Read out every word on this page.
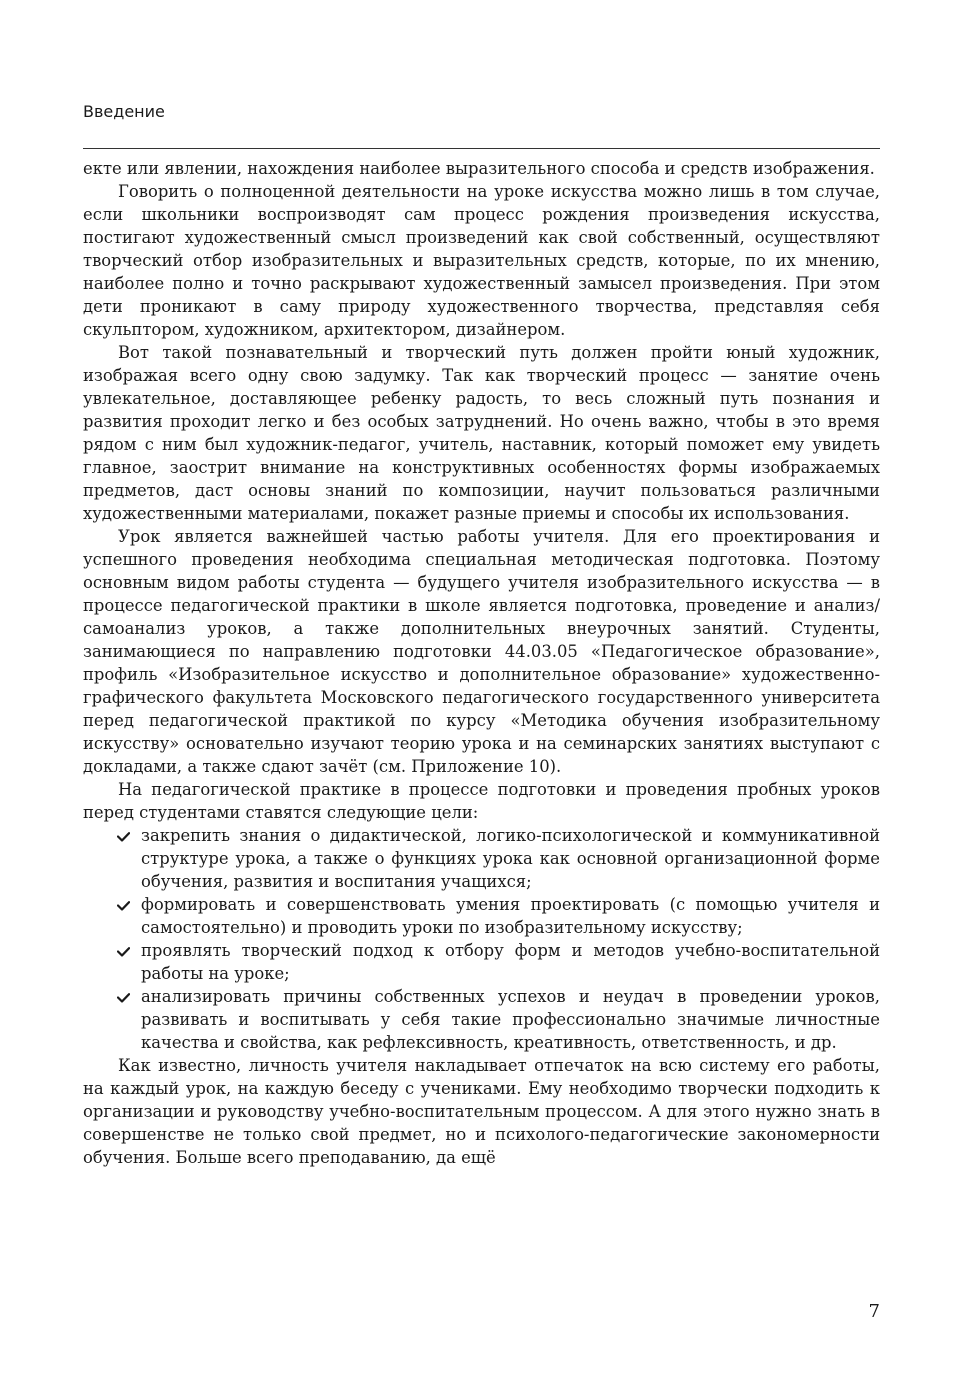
Введение

екте или явлении, нахождения наиболее выразительного способа и средств изображения.

Говорить о полноценной деятельности на уроке искусства можно лишь в том случае, если школьники воспроизводят сам процесс рождения произведения искусства, постигают художественный смысл произведений как свой собственный, осуществляют творческий отбор изобразительных и выразительных средств, которые, по их мнению, наиболее полно и точно раскрывают художественный замысел произведения. При этом дети проникают в саму природу художественного творчества, представляя себя скульптором, художником, архитектором, дизайнером.

Вот такой познавательный и творческий путь должен пройти юный художник, изображая всего одну свою задумку. Так как творческий процесс — занятие очень увлекательное, доставляющее ребенку радость, то весь сложный путь познания и развития проходит легко и без особых затруднений. Но очень важно, чтобы в это время рядом с ним был художник-педагог, учитель, наставник, который поможет ему увидеть главное, заострит внимание на конструктивных особенностях формы изображаемых предметов, даст основы знаний по композиции, научит пользоваться различными художественными материалами, покажет разные приемы и способы их использования.

Урок является важнейшей частью работы учителя. Для его проектирования и успешного проведения необходима специальная методическая подготовка. Поэтому основным видом работы студента — будущего учителя изобразительного искусства — в процессе педагогической практики в школе является подготовка, проведение и анализ/самоанализ уроков, а также дополнительных внеурочных занятий. Студенты, занимающиеся по направлению подготовки 44.03.05 «Педагогическое образование», профиль «Изобразительное искусство и дополнительное образование» художественно-графического факультета Московского педагогического государственного университета перед педагогической практикой по курсу «Методика обучения изобразительному искусству» основательно изучают теорию урока и на семинарских занятиях выступают с докладами, а также сдают зачёт (см. Приложение 10).

На педагогической практике в процессе подготовки и проведения пробных уроков перед студентами ставятся следующие цели:

закрепить знания о дидактической, логико-психологической и коммуникативной структуре урока, а также о функциях урока как основной организационной форме обучения, развития и воспитания учащихся;
формировать и совершенствовать умения проектировать (с помощью учителя и самостоятельно) и проводить уроки по изобразительному искусству;
проявлять творческий подход к отбору форм и методов учебно-воспитательной работы на уроке;
анализировать причины собственных успехов и неудач в проведении уроков, развивать и воспитывать у себя такие профессионально значимые личностные качества и свойства, как рефлексивность, креативность, ответственность, и др.

Как известно, личность учителя накладывает отпечаток на всю систему его работы, на каждый урок, на каждую беседу с учениками. Ему необходимо творчески подходить к организации и руководству учебно-воспитательным процессом. А для этого нужно знать в совершенстве не только свой предмет, но и психолого-педагогические закономерности обучения. Больше всего преподаванию, да ещё

7
